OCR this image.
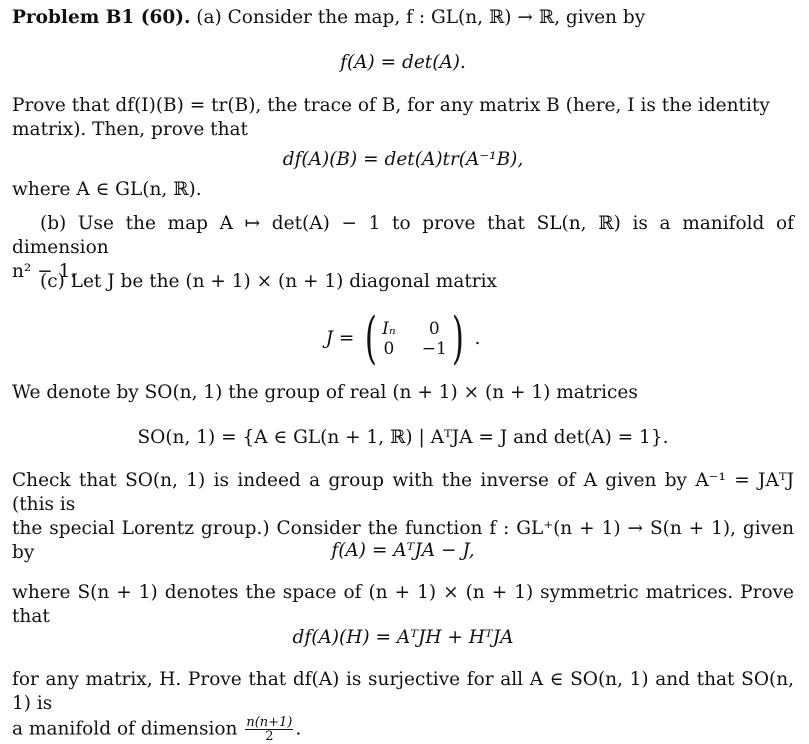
Problem B1 (60). (a) Consider the map, f : GL(n, ℝ) → ℝ, given by

f(A) = det(A).

Prove that df(I)(B) = tr(B), the trace of B, for any matrix B (here, I is the identity

matrix). Then, prove that

df(A)(B) = det(A)tr(A⁻¹B),

where A ∈ GL(n, ℝ).

(b) Use the map A ↦ det(A) − 1 to prove that SL(n, ℝ) is a manifold of dimension

n² − 1.

(c) Let J be the (n + 1) × (n + 1) diagonal matrix

J = ( Iₙ	0
0 −1 ) .

We denote by SO(n, 1) the group of real (n + 1) × (n + 1) matrices

SO(n, 1) = {A ∈ GL(n + 1, ℝ) | AᵀJA = J and det(A) = 1}.

Check that SO(n, 1) is indeed a group with the inverse of A given by A⁻¹ = JAᵀJ (this is

the special Lorentz group.) Consider the function f : GL⁺(n + 1) → S(n + 1), given by	f(A) = AᵀJA − J,

where S(n + 1) denotes the space of (n + 1) × (n + 1) symmetric matrices. Prove that

df(A)(H) = AᵀJH + HᵀJA

for any matrix, H. Prove that df(A) is surjective for all A ∈ SO(n, 1) and that SO(n, 1) is

a manifold of dimension $\frac{n(n+1)}{2}$ .
